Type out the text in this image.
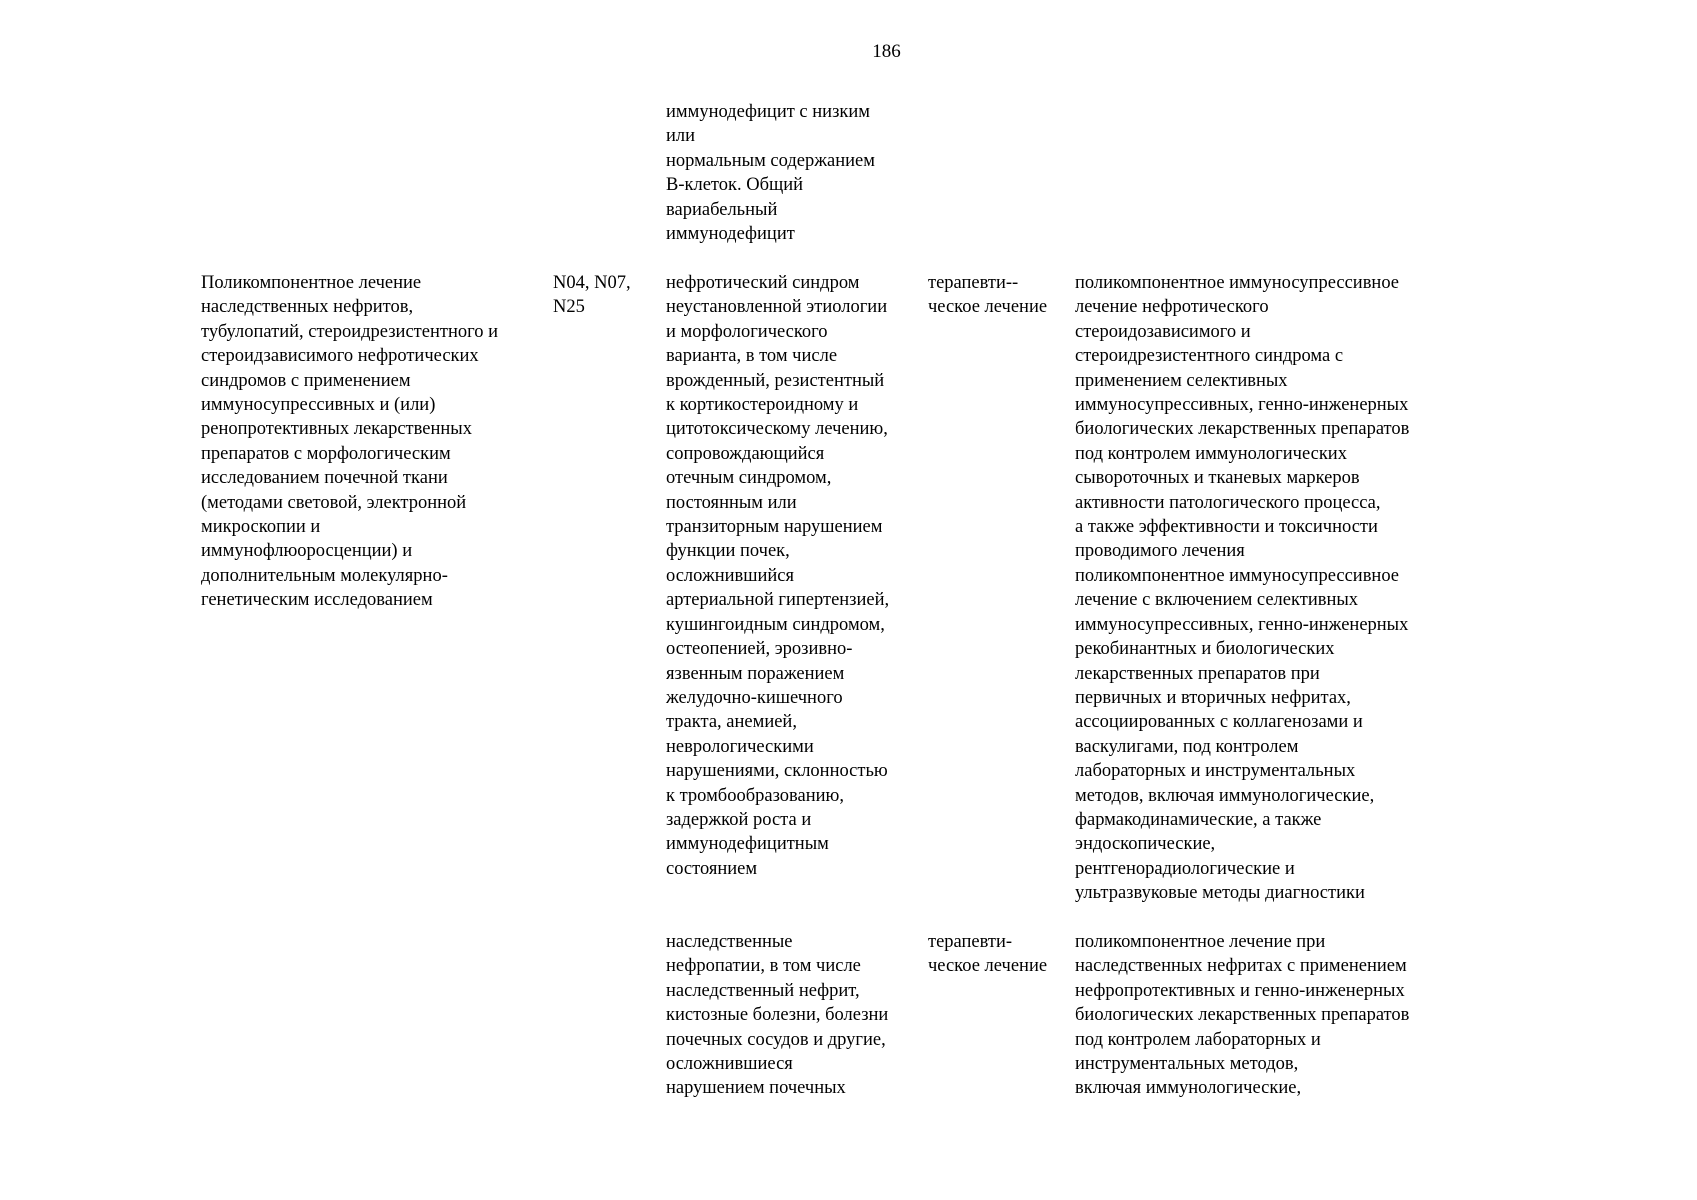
186
иммунодефицит с низким
или
нормальным содержанием
B-клеток. Общий
вариабельный
иммунодефицит
Поликомпонентное лечение
наследственных нефритов,
тубулопатий, стероидрезистентного и
стероидзависимого нефротических
синдромов с применением
иммуносупрессивных и (или)
ренопротективных лекарственных
препаратов с морфологическим
исследованием почечной ткани
(методами световой, электронной
микроскопии и
иммунофлюоросценции) и
дополнительным молекулярно-
генетическим исследованием
N04, N07,
N25
нефротический синдром
неустановленной этиологии
и морфологического
варианта, в том числе
врожденный, резистентный
к кортикостероидному и
цитотоксическому лечению,
сопровождающийся
отечным синдромом,
постоянным или
транзиторным нарушением
функции почек,
осложнившийся
артериальной гипертензией,
кушингоидным синдромом,
остеопенией, эрозивно-
язвенным поражением
желудочно-кишечного
тракта, анемией,
неврологическими
нарушениями, склонностью
к тромбообразованию,
задержкой роста и
иммунодефицитным
состоянием
терапевти--
ческое лечение
поликомпонентное иммуносупрессивное
лечение нефротического
стероидозависимого и
стероидрезистентного синдрома с
применением селективных
иммуносупрессивных, генно-инженерных
биологических лекарственных препаратов
под контролем иммунологических
сывороточных и тканевых маркеров
активности патологического процесса,
а также эффективности и токсичности
проводимого лечения
поликомпонентное иммуносупрессивное
лечение с включением селективных
иммуносупрессивных, генно-инженерных
рекобинантных и биологических
лекарственных препаратов при
первичных и вторичных нефритах,
ассоциированных с коллагенозами и
васкулигами, под контролем
лабораторных и инструментальных
методов, включая иммунологические,
фармакодинамические, а также
эндоскопические,
рентгенорадиологические и
ультразвуковые методы диагностики
наследственные
нефропатии, в том числе
наследственный нефрит,
кистозные болезни, болезни
почечных сосудов и другие,
осложнившиеся
нарушением почечных
терапевти-
ческое лечение
поликомпонентное лечение при
наследственных нефритах с применением
нефропротективных и генно-инженерных
биологических лекарственных препаратов
под контролем лабораторных и
инструментальных методов,
включая иммунологические,
